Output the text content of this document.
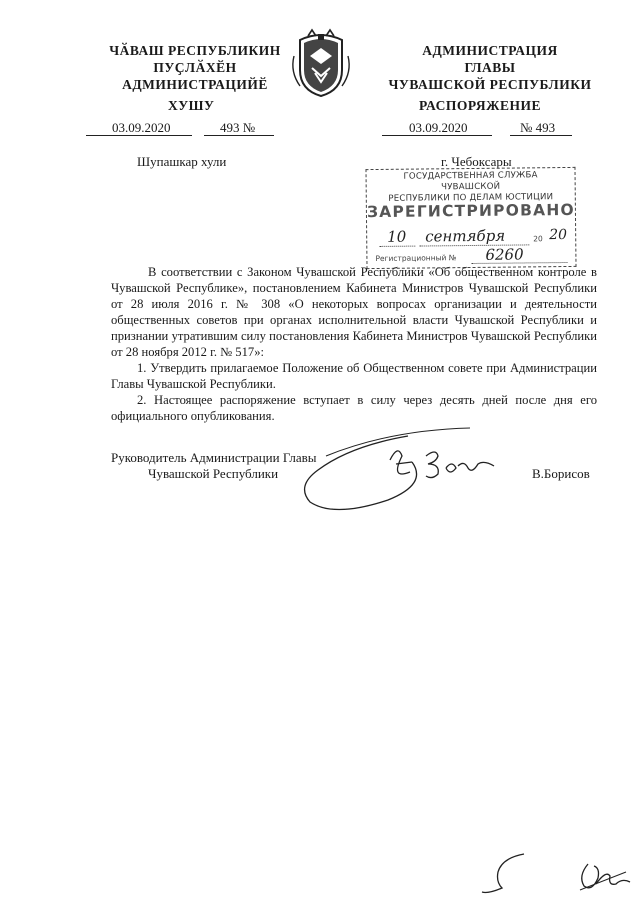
ЧӐВАШ РЕСПУБЛИКИН
ПУҪЛӐХӖН
АДМИНИСТРАЦИЙӖ
АДМИНИСТРАЦИЯ
ГЛАВЫ
ЧУВАШСКОЙ РЕСПУБЛИКИ
ХУШУ	РАСПОРЯЖЕНИЕ
03.09.2020	493 №	03.09.2020	№ 493
Шупашкар хули	г. Чебоксары
ГОСУДАРСТВЕННАЯ СЛУЖБА ЧУВАШСКОЙ
РЕСПУБЛИКИ ПО ДЕЛАМ ЮСТИЦИИ
ЗАРЕГИСТРИРОВАНО
10 сентября	20 20
Регистрационный № 6260

В соответствии с Законом Чувашской Республики «Об общественном контроле в Чувашской Республике», постановлением Кабинета Министров Чувашской Республики от 28 июля 2016 г. № 308 «О некоторых вопросах организации и деятельности общественных советов при органах исполнительной власти Чувашской Республики и признании утратившим силу постановления Кабинета Министров Чувашской Республики от 28 ноября 2012 г. № 517»:

1. Утвердить прилагаемое Положение об Общественном совете при Администрации Главы Чувашской Республики.

2. Настоящее распоряжение вступает в силу через десять дней после дня его официального опубликования.

Руководитель Администрации Главы
Чувашской Республики	В.Борисов
